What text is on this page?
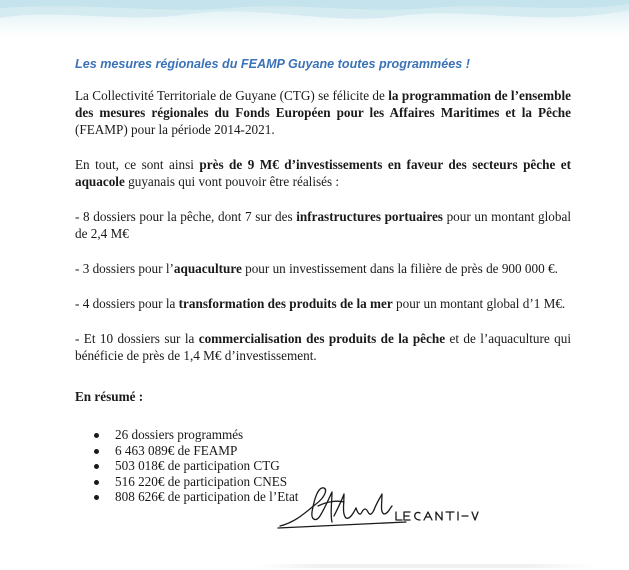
Les mesures régionales du FEAMP Guyane toutes programmées !

La Collectivité Territoriale de Guyane (CTG) se félicite de la programmation de l’ensemble des mesures régionales du Fonds Européen pour les Affaires Maritimes et la Pêche (FEAMP) pour la période 2014-2021.

En tout, ce sont ainsi près de 9 M€ d’investissements en faveur des secteurs pêche et aquacole guyanais qui vont pouvoir être réalisés :

- 8 dossiers pour la pêche, dont 7 sur des infrastructures portuaires pour un montant global de 2,4 M€

- 3 dossiers pour l’aquaculture pour un investissement dans la filière de près de 900 000 €.

- 4 dossiers pour la transformation des produits de la mer pour un montant global d’1 M€.

- Et 10 dossiers sur la commercialisation des produits de la pêche et de l’aquaculture qui bénéficie de près de 1,4 M€ d’investissement.

En résumé :

26 dossiers programmés
6 463 089€ de FEAMP
503 018€ de participation CTG
516 220€ de participation CNES
808 626€ de participation de l’Etat
